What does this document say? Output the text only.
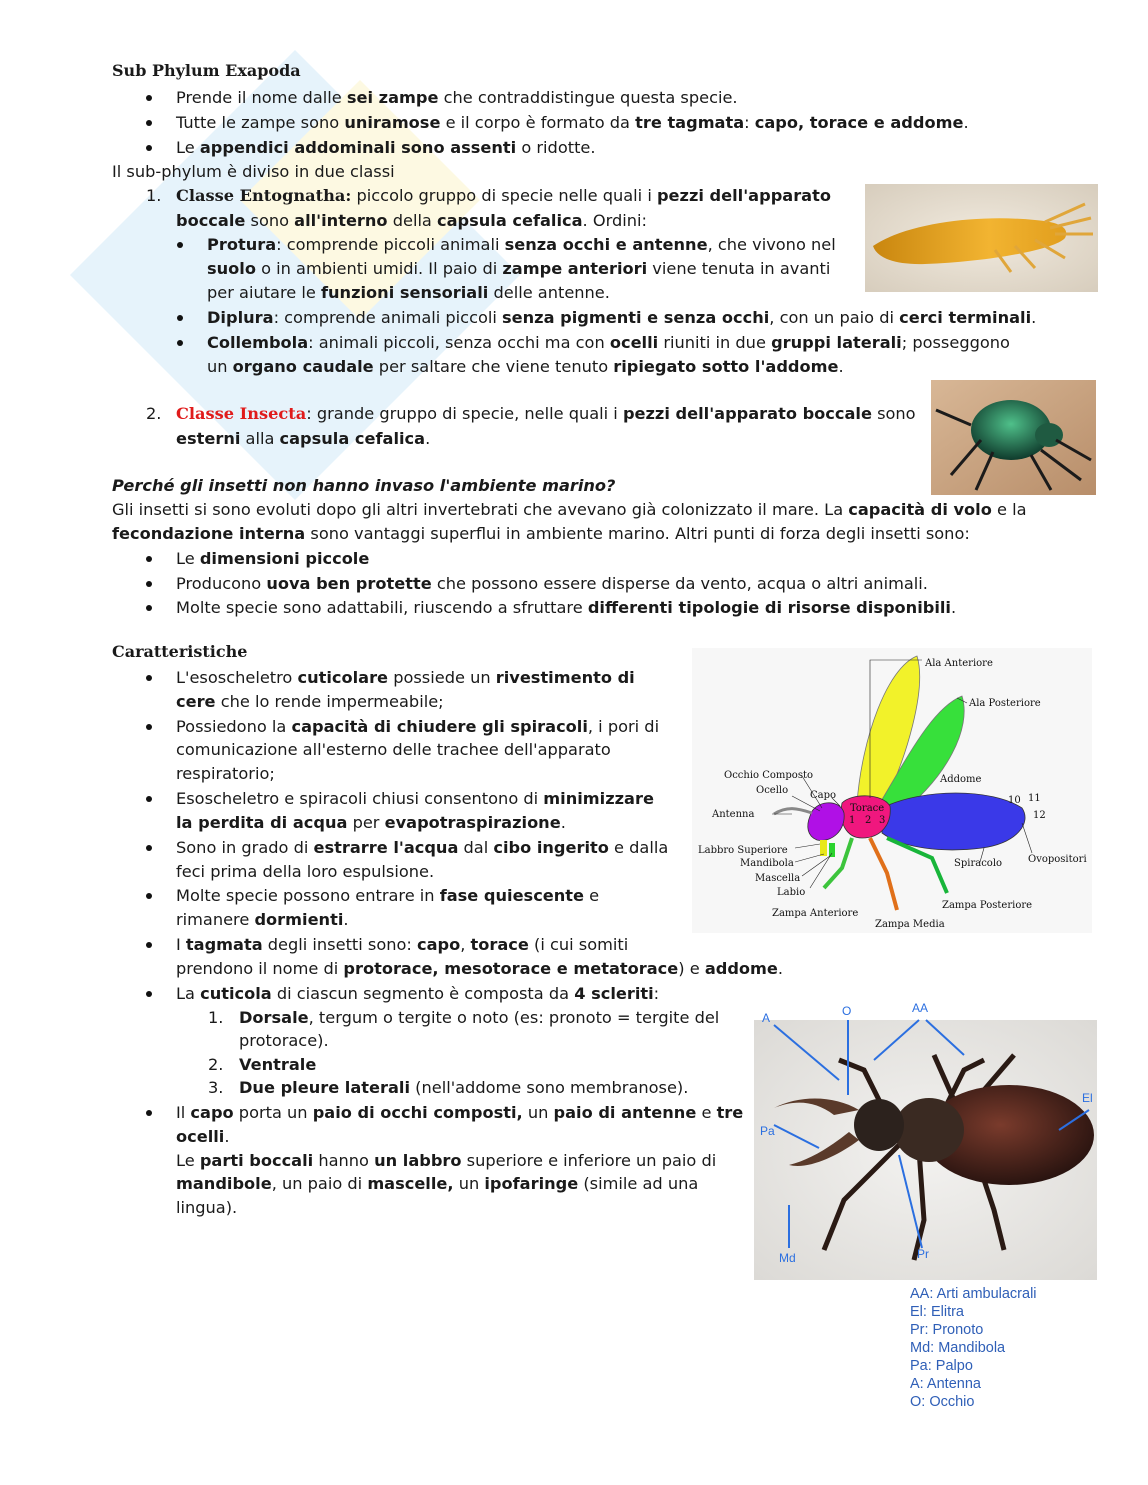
Sub Phylum Exapoda
Prende il nome dalle sei zampe che contraddistingue questa specie.
Tutte le zampe sono uniramose e il corpo è formato da tre tagmata: capo, torace e addome.
Le appendici addominali sono assenti o ridotte.
Il sub-phylum è diviso in due classi
1. Classe Entognatha: piccolo gruppo di specie nelle quali i pezzi dell'apparato
boccale sono all'interno della capsula cefalica. Ordini:
Protura: comprende piccoli animali senza occhi e antenne, che vivono nel
suolo o in ambienti umidi. Il paio di zampe anteriori viene tenuta in avanti
per aiutare le funzioni sensoriali delle antenne.
Diplura: comprende animali piccoli senza pigmenti e senza occhi, con un paio di cerci terminali.
Collembola: animali piccoli, senza occhi ma con ocelli riuniti in due gruppi laterali; posseggono
un organo caudale per saltare che viene tenuto ripiegato sotto l'addome.
2. Classe Insecta: grande gruppo di specie, nelle quali i pezzi dell'apparato boccale sono
esterni alla capsula cefalica.
Perché gli insetti non hanno invaso l'ambiente marino?
Gli insetti si sono evoluti dopo gli altri invertebrati che avevano già colonizzato il mare. La capacità di volo e la
fecondazione interna sono vantaggi superflui in ambiente marino. Altri punti di forza degli insetti sono:
Le dimensioni piccole
Producono uova ben protette che possono essere disperse da vento, acqua o altri animali.
Molte specie sono adattabili, riuscendo a sfruttare differenti tipologie di risorse disponibili.
Caratteristiche
L'esoscheletro cuticolare possiede un rivestimento di
cere che lo rende impermeabile;
Possiedono la capacità di chiudere gli spiracoli, i pori di
comunicazione all'esterno delle trachee dell'apparato
respiratorio;
Esoscheletro e spiracoli chiusi consentono di minimizzare
la perdita di acqua per evapotraspirazione.
Sono in grado di estrarre l'acqua dal cibo ingerito e dalla
feci prima della loro espulsione.
Molte specie possono entrare in fase quiescente e
rimanere dormienti.
I tagmata degli insetti sono: capo, torace (i cui somiti
prendono il nome di protorace, mesotorace e metatorace) e addome.
La cuticola di ciascun segmento è composta da 4 scleriti:
1. Dorsale, tergum o tergite o noto (es: pronoto = tergite del
protorace).
2. Ventrale
3. Due pleure laterali (nell'addome sono membranose).
Il capo porta un paio di occhi composti, un paio di antenne e tre
ocelli.
Le parti boccali hanno un labbro superiore e inferiore un paio di
mandibole, un paio di mascelle, un ipofaringe (simile ad una
lingua).
Ala Anteriore
Ala Posteriore
Occhio Composto
Ocello Capo
Torace
1 2 3
Addome
10 11
12
Antenna
Labbro Superiore
Mandibola
Mascella
Labio
Spiracolo	Ovopositori
Zampa Anteriore
Zampa Media
Zampa Posteriore
A	O	AA
El
Pa
Md	Pr
AA: Arti ambulacrali
El: Elitra
Pr: Pronoto
Md: Mandibola
Pa: Palpo
A: Antenna
O: Occhio
